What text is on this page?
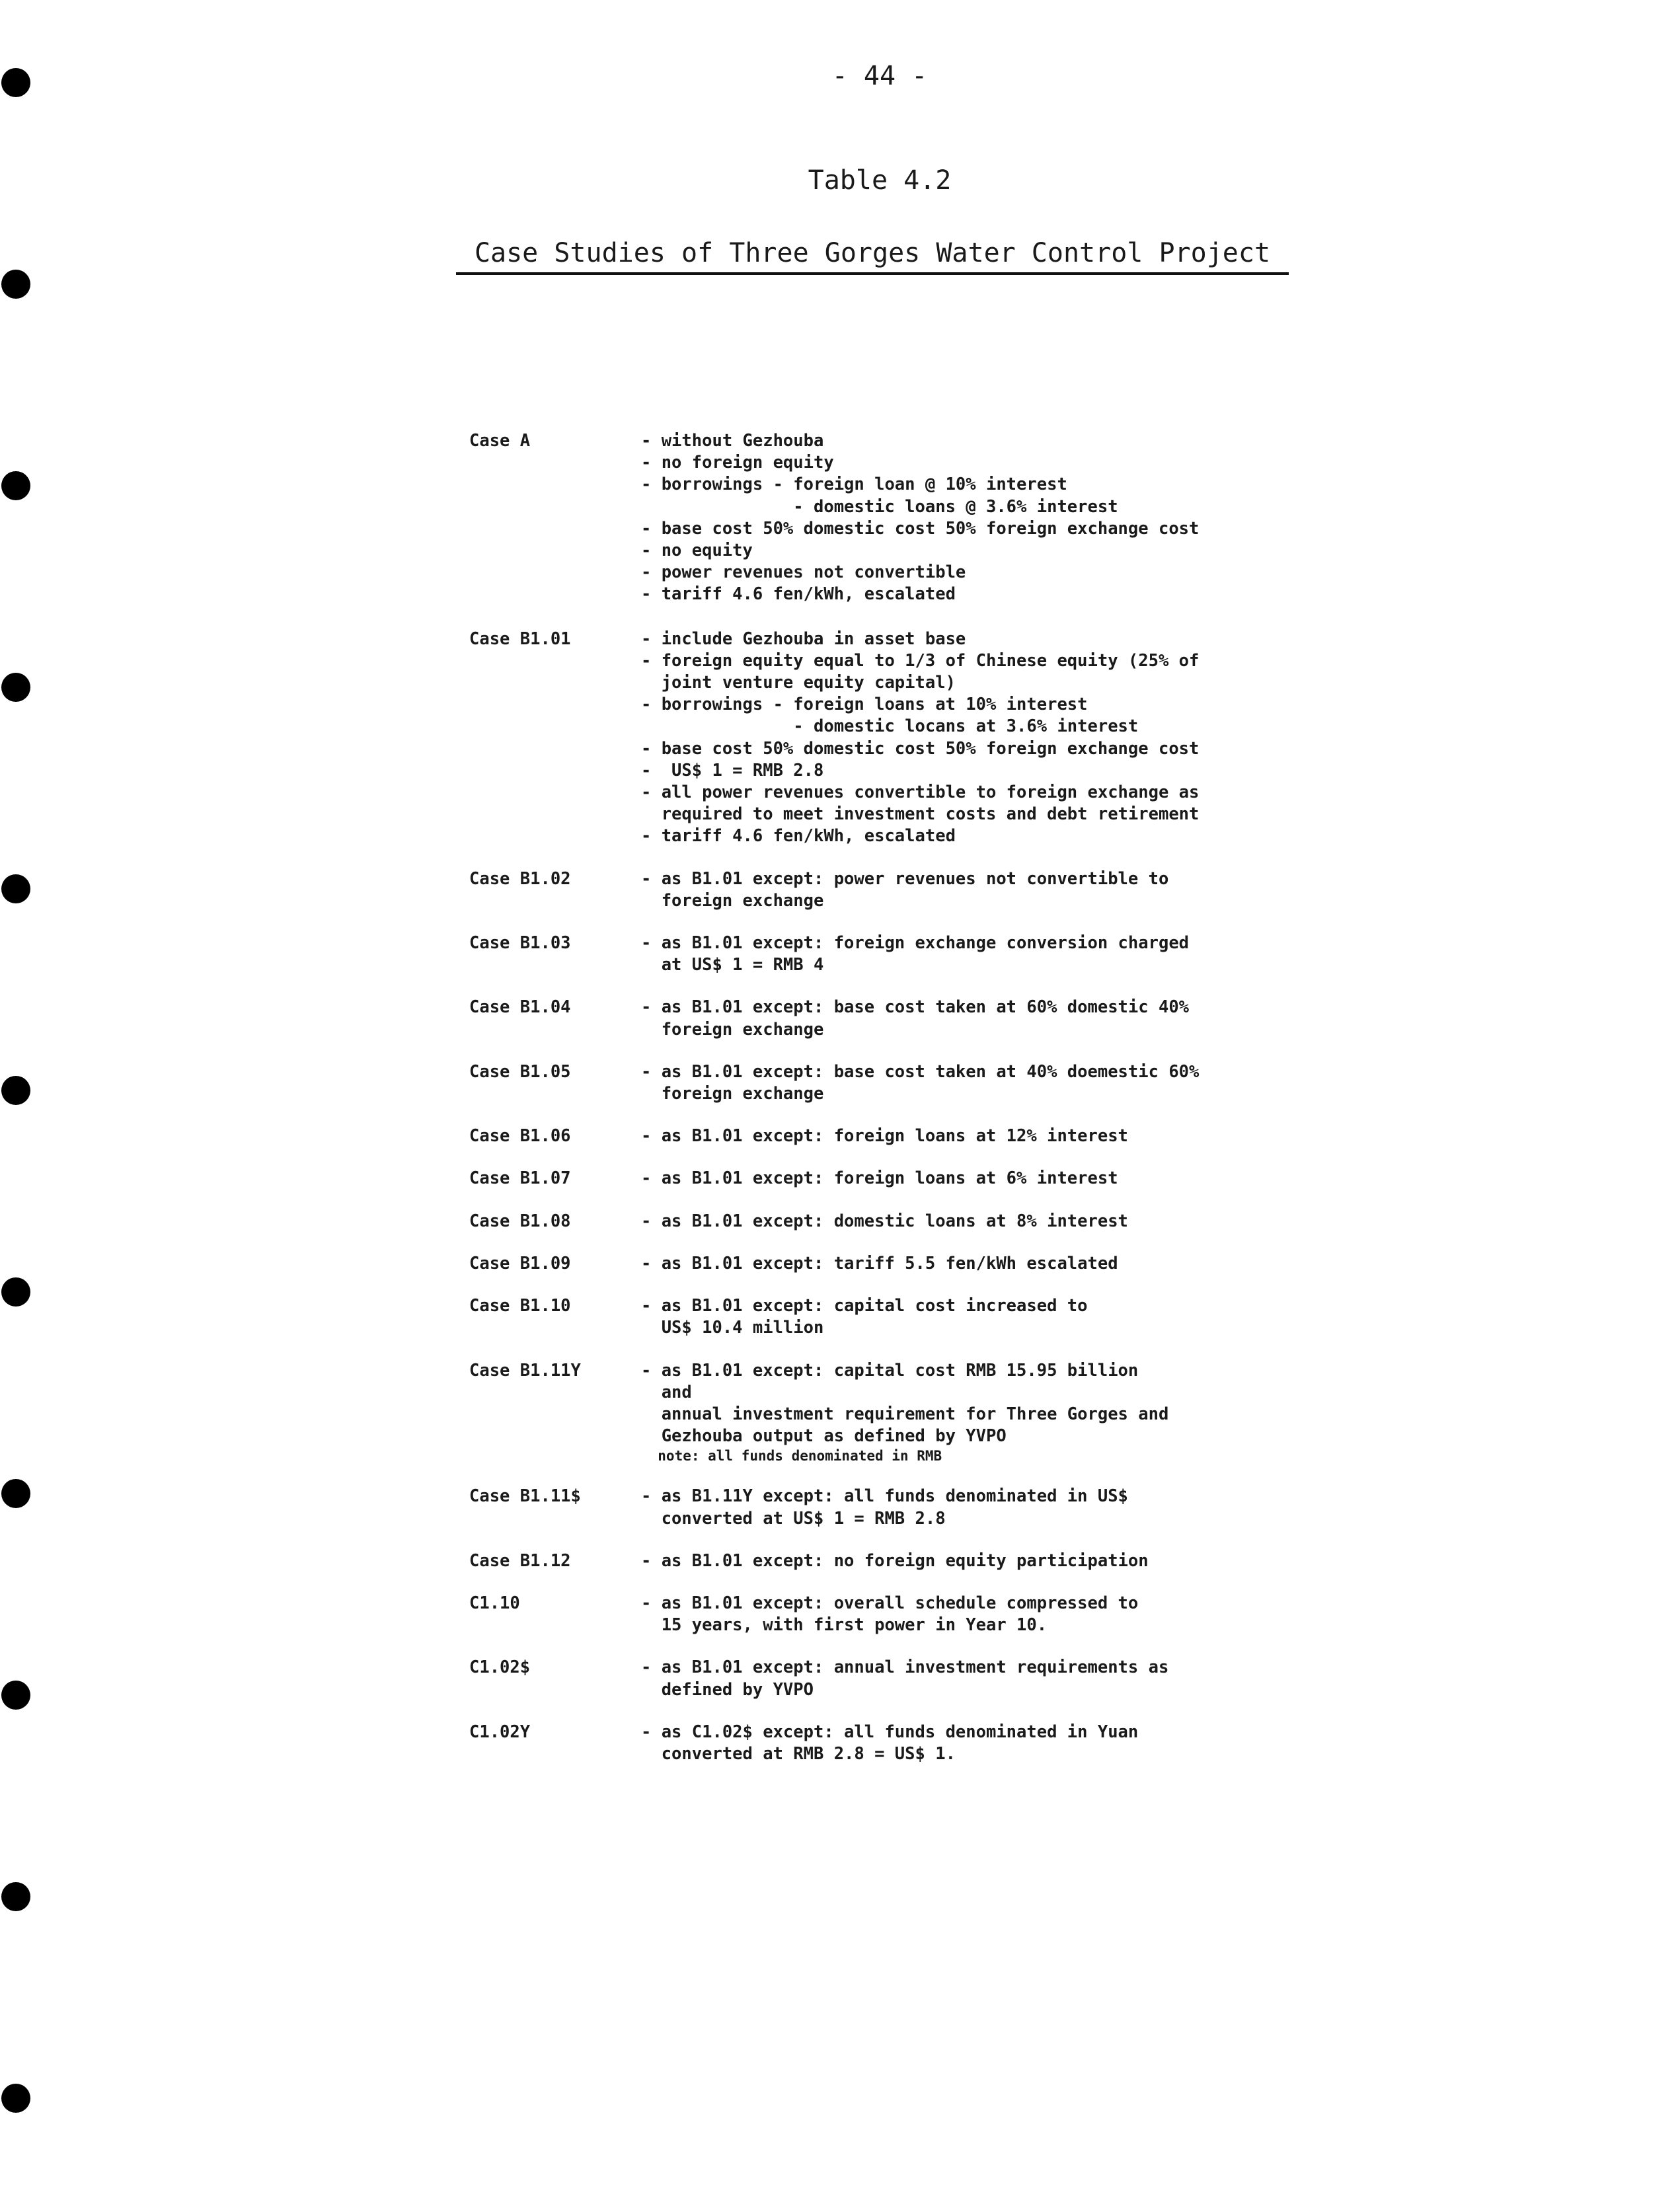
- 44 -
Table 4.2
Case Studies of Three Gorges Water Control Project
Case A	- without Gezhouba
- no foreign equity
- borrowings - foreign loan @ 10% interest
- domestic loans @ 3.6% interest
- base cost 50% domestic cost 50% foreign exchange cost
- no equity
- power revenues not convertible
- tariff 4.6 fen/kWh, escalated
Case B1.01	- include Gezhouba in asset base
- foreign equity equal to 1/3 of Chinese equity (25% of
joint venture equity capital)
- borrowings - foreign loans at 10% interest
- domestic locans at 3.6% interest
- base cost 50% domestic cost 50% foreign exchange cost
-  US$ 1 = RMB 2.8
- all power revenues convertible to foreign exchange as
required to meet investment costs and debt retirement
- tariff 4.6 fen/kWh, escalated
Case B1.02	- as B1.01 except: power revenues not convertible to
foreign exchange
Case B1.03	- as B1.01 except: foreign exchange conversion charged
at US$ 1 = RMB 4
Case B1.04	- as B1.01 except: base cost taken at 60% domestic 40%
foreign exchange
Case B1.05	- as B1.01 except: base cost taken at 40% doemestic 60%
foreign exchange
Case B1.06	- as B1.01 except: foreign loans at 12% interest
Case B1.07	- as B1.01 except: foreign loans at 6% interest
Case B1.08	- as B1.01 except: domestic loans at 8% interest
Case B1.09	- as B1.01 except: tariff 5.5 fen/kWh escalated
Case B1.10	- as B1.01 except: capital cost increased to
US$ 10.4 million
Case B1.11Y	- as B1.01 except: capital cost RMB 15.95 billion
and
annual investment requirement for Three Gorges and
Gezhouba output as defined by YVPO
note: all funds denominated in RMB
Case B1.11$	- as B1.11Y except: all funds denominated in US$
converted at US$ 1 = RMB 2.8
Case B1.12	- as B1.01 except: no foreign equity participation
C1.10	- as B1.01 except: overall schedule compressed to
15 years, with first power in Year 10.
C1.02$	- as B1.01 except: annual investment requirements as
defined by YVPO
C1.02Y	- as C1.02$ except: all funds denominated in Yuan
converted at RMB 2.8 = US$ 1.
